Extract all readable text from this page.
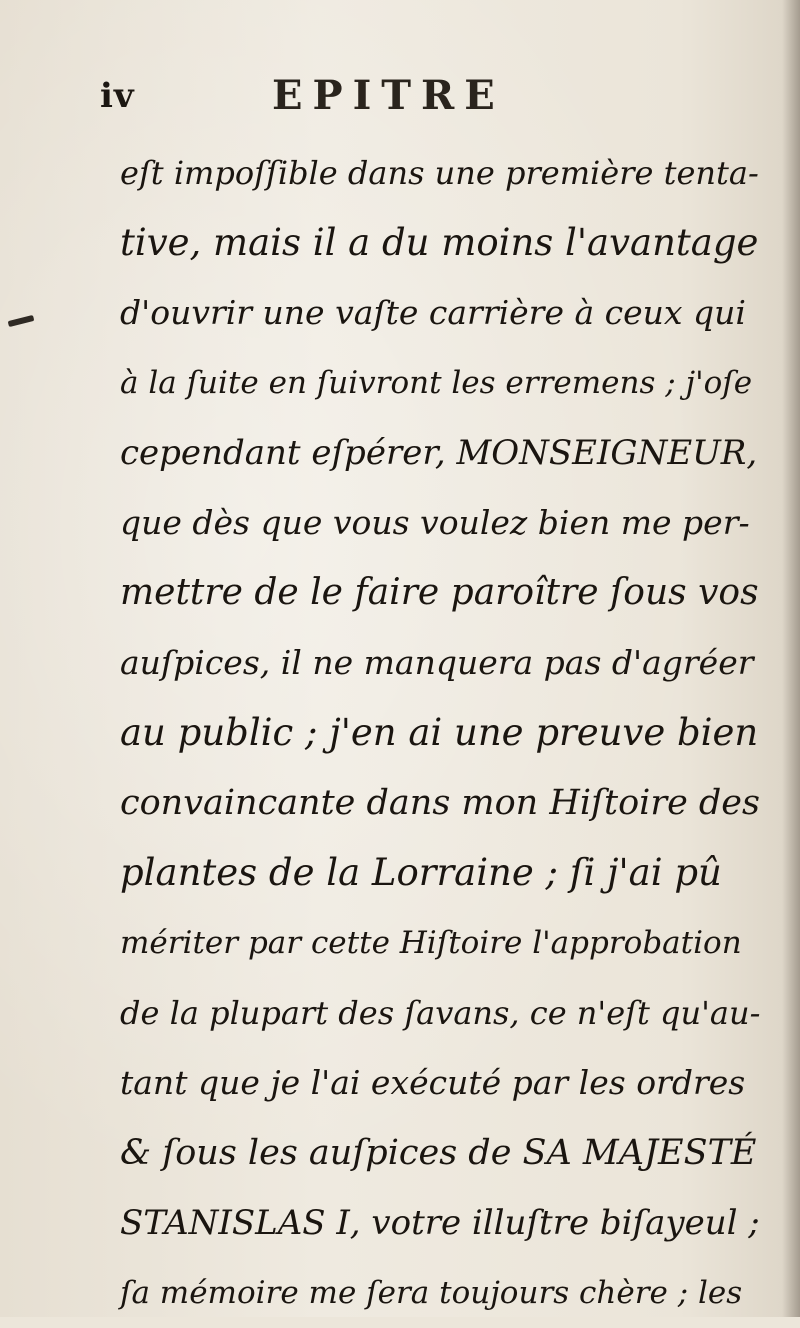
iv	EPITRE
eſt impoſſible dans une première tenta-
tive, mais il a du moins l'avantage
d'ouvrir une vaſte carrière à ceux qui
à la ſuite en ſuivront les erremens ; j'oſe
cependant eſpérer, MONSEIGNEUR,
que dès que vous voulez bien me per-
mettre de le faire paroître ſous vos
auſpices, il ne manquera pas d'agréer
au public ; j'en ai une preuve bien
convaincante dans mon Hiſtoire des
plantes de la Lorraine ; ſi j'ai pû
mériter par cette Hiſtoire l'approbation
de la plupart des ſavans, ce n'eſt qu'au-
tant que je l'ai exécuté par les ordres
& ſous les auſpices de SA MAJESTÉ
STANISLAS I, votre illuſtre biſayeul ;
ſa mémoire me ſera toujours chère ; les
